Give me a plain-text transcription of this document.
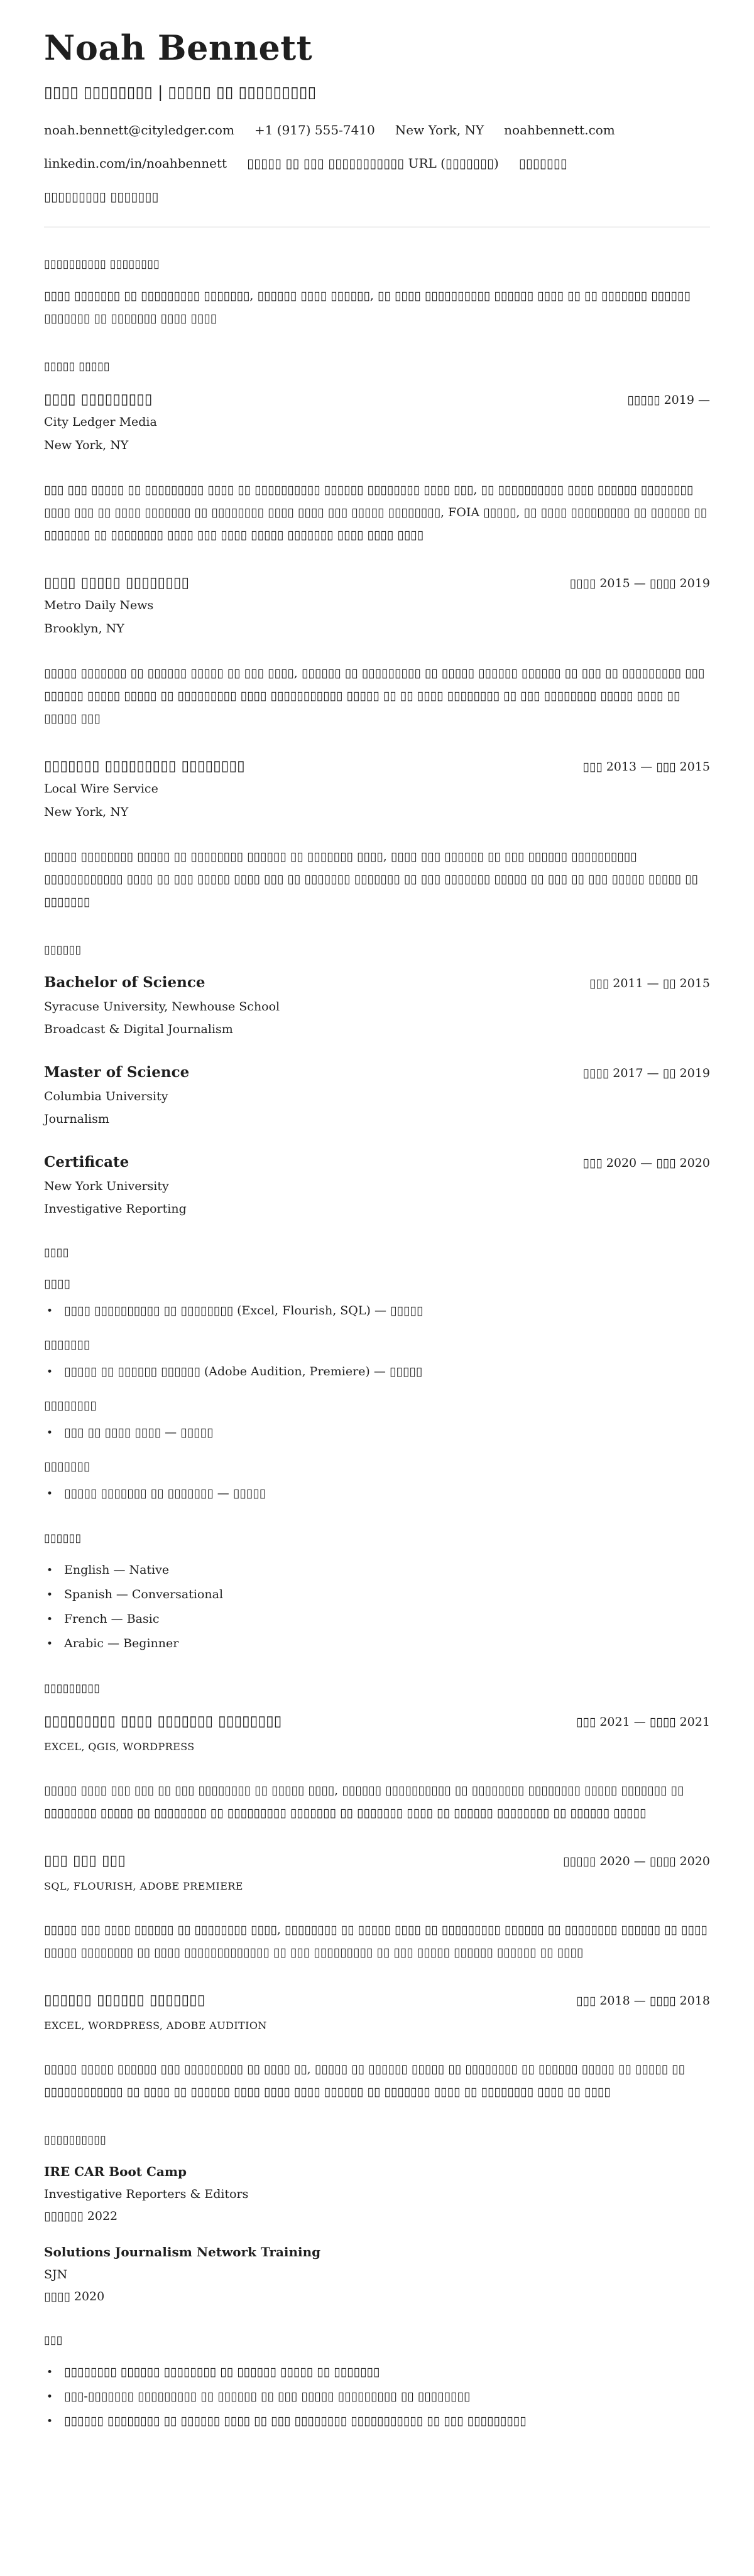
Noah Bennett
▯▯▯▯ ▯▯▯▯▯▯▯▯ | ▯▯▯▯▯ ▯▯ ▯▯▯▯▯▯▯▯▯
noah.bennett@cityledger.com +1 (917) 555-7410 New York, NY noahbennett.com
linkedin.com/in/noahbennett ▯▯▯▯▯ ▯▯ ▯▯▯ ▯▯▯▯▯▯▯▯▯▯▯ URL (▯▯▯▯▯▯▯) ▯▯▯▯▯▯▯
▯▯▯▯▯▯▯▯▯ ▯▯▯▯▯▯▯
▯▯▯▯▯▯▯▯▯▯ ▯▯▯▯▯▯▯▯

▯▯▯▯ ▯▯▯▯▯▯▯ ▯▯ ▯▯▯▯▯▯▯▯▯ ▯▯▯▯▯▯▯, ▯▯▯▯▯▯ ▯▯▯▯ ▯▯▯▯▯▯, ▯▯ ▯▯▯▯ ▯▯▯▯▯▯▯▯▯▯ ▯▯▯▯▯▯ ▯▯▯▯ ▯▯ ▯▯ ▯▯▯▯▯▯▯ ▯▯▯▯▯▯ ▯▯▯▯▯▯▯ ▯▯ ▯▯▯▯▯▯▯ ▯▯▯▯ ▯▯▯▯

▯▯▯▯▯ ▯▯▯▯▯
▯▯▯▯ ▯▯▯▯▯▯▯▯▯	▯▯▯▯▯ 2019 —
City Ledger Media
New York, NY

▯▯▯ ▯▯▯ ▯▯▯▯▯ ▯▯ ▯▯▯▯▯▯▯▯▯ ▯▯▯▯ ▯▯ ▯▯▯▯▯▯▯▯▯▯ ▯▯▯▯▯▯ ▯▯▯▯▯▯▯▯ ▯▯▯▯ ▯▯▯, ▯▯ ▯▯▯▯▯▯▯▯▯▯ ▯▯▯▯ ▯▯▯▯▯▯ ▯▯▯▯▯▯▯▯ ▯▯▯▯ ▯▯▯ ▯▯ ▯▯▯▯ ▯▯▯▯▯▯▯ ▯▯ ▯▯▯▯▯▯▯▯ ▯▯▯▯ ▯▯▯▯ ▯▯▯ ▯▯▯▯▯ ▯▯▯▯▯▯▯▯, FOIA ▯▯▯▯▯, ▯▯ ▯▯▯▯ ▯▯▯▯▯▯▯▯▯ ▯▯ ▯▯▯▯▯▯ ▯▯ ▯▯▯▯▯▯▯ ▯▯ ▯▯▯▯▯▯▯▯ ▯▯▯▯ ▯▯▯ ▯▯▯▯ ▯▯▯▯▯ ▯▯▯▯▯▯▯ ▯▯▯▯ ▯▯▯▯ ▯▯▯▯

▯▯▯▯ ▯▯▯▯▯ ▯▯▯▯▯▯▯▯	▯▯▯▯ 2015 — ▯▯▯▯ 2019
Metro Daily News
Brooklyn, NY

▯▯▯▯▯ ▯▯▯▯▯▯▯ ▯▯ ▯▯▯▯▯▯ ▯▯▯▯▯ ▯▯ ▯▯▯ ▯▯▯▯, ▯▯▯▯▯▯ ▯▯ ▯▯▯▯▯▯▯▯▯ ▯▯ ▯▯▯▯▯ ▯▯▯▯▯▯ ▯▯▯▯▯▯ ▯▯ ▯▯▯ ▯▯ ▯▯▯▯▯▯▯▯▯ ▯▯▯ ▯▯▯▯▯▯ ▯▯▯▯▯ ▯▯▯▯▯ ▯▯ ▯▯▯▯▯▯▯▯▯ ▯▯▯▯ ▯▯▯▯▯▯▯▯▯▯▯ ▯▯▯▯▯ ▯▯ ▯▯ ▯▯▯▯ ▯▯▯▯▯▯▯▯ ▯▯ ▯▯▯ ▯▯▯▯▯▯▯▯ ▯▯▯▯▯ ▯▯▯▯ ▯▯ ▯▯▯▯▯ ▯▯▯

▯▯▯▯▯▯▯ ▯▯▯▯▯▯▯▯▯ ▯▯▯▯▯▯▯▯	▯▯▯ 2013 — ▯▯▯ 2015
Local Wire Service
New York, NY

▯▯▯▯▯ ▯▯▯▯▯▯▯▯ ▯▯▯▯▯ ▯▯ ▯▯▯▯▯▯▯▯ ▯▯▯▯▯▯ ▯▯ ▯▯▯▯▯▯▯ ▯▯▯▯, ▯▯▯▯ ▯▯▯ ▯▯▯▯▯▯ ▯▯ ▯▯▯ ▯▯▯▯▯▯ ▯▯▯▯▯▯▯▯▯▯ ▯▯▯▯▯▯▯▯▯▯▯▯ ▯▯▯▯ ▯▯ ▯▯▯ ▯▯▯▯▯ ▯▯▯▯ ▯▯▯ ▯▯ ▯▯▯▯▯▯▯ ▯▯▯▯▯▯▯ ▯▯ ▯▯▯ ▯▯▯▯▯▯▯ ▯▯▯▯▯ ▯▯ ▯▯▯ ▯▯ ▯▯▯ ▯▯▯▯▯ ▯▯▯▯▯ ▯▯ ▯▯▯▯▯▯▯

▯▯▯▯▯▯
Bachelor of Science	▯▯▯ 2011 — ▯▯ 2015
Syracuse University, Newhouse School
Broadcast & Digital Journalism
Master of Science	▯▯▯▯ 2017 — ▯▯ 2019
Columbia University
Journalism
Certificate	▯▯▯ 2020 — ▯▯▯ 2020
New York University
Investigative Reporting
▯▯▯▯
▯▯▯▯
• ▯▯▯▯ ▯▯▯▯▯▯▯▯▯▯ ▯▯ ▯▯▯▯▯▯▯▯ (Excel, Flourish, SQL) — ▯▯▯▯▯
▯▯▯▯▯▯▯
• ▯▯▯▯▯ ▯▯ ▯▯▯▯▯▯ ▯▯▯▯▯▯ (Adobe Audition, Premiere) — ▯▯▯▯▯
▯▯▯▯▯▯▯▯
• ▯▯▯ ▯▯ ▯▯▯▯ ▯▯▯▯ — ▯▯▯▯▯
▯▯▯▯▯▯▯
• ▯▯▯▯▯ ▯▯▯▯▯▯▯ ▯▯ ▯▯▯▯▯▯▯ — ▯▯▯▯▯
▯▯▯▯▯▯
• English — Native
• Spanish — Conversational
• French — Basic
• Arabic — Beginner
▯▯▯▯▯▯▯▯▯
▯▯▯▯▯▯▯▯▯ ▯▯▯▯ ▯▯▯▯▯▯▯ ▯▯▯▯▯▯▯▯	▯▯▯ 2021 — ▯▯▯▯ 2021
EXCEL, QGIS, WORDPRESS

▯▯▯▯▯ ▯▯▯▯ ▯▯▯ ▯▯▯ ▯▯ ▯▯▯ ▯▯▯▯▯▯▯▯ ▯▯ ▯▯▯▯▯ ▯▯▯▯, ▯▯▯▯▯▯ ▯▯▯▯▯▯▯▯▯▯ ▯▯ ▯▯▯▯▯▯▯▯ ▯▯▯▯▯▯▯▯ ▯▯▯▯▯ ▯▯▯▯▯▯▯ ▯▯ ▯▯▯▯▯▯▯▯ ▯▯▯▯▯ ▯▯ ▯▯▯▯▯▯▯▯ ▯▯ ▯▯▯▯▯▯▯▯▯ ▯▯▯▯▯▯▯ ▯▯ ▯▯▯▯▯▯▯ ▯▯▯▯ ▯▯ ▯▯▯▯▯▯ ▯▯▯▯▯▯▯▯ ▯▯ ▯▯▯▯▯▯ ▯▯▯▯▯

▯▯▯ ▯▯▯ ▯▯▯	▯▯▯▯▯ 2020 — ▯▯▯▯ 2020
SQL, FLOURISH, ADOBE PREMIERE

▯▯▯▯▯ ▯▯▯ ▯▯▯▯ ▯▯▯▯▯▯ ▯▯ ▯▯▯▯▯▯▯▯ ▯▯▯▯, ▯▯▯▯▯▯▯▯ ▯▯ ▯▯▯▯▯ ▯▯▯▯ ▯▯ ▯▯▯▯▯▯▯▯▯ ▯▯▯▯▯▯ ▯▯ ▯▯▯▯▯▯▯▯ ▯▯▯▯▯▯ ▯▯ ▯▯▯▯ ▯▯▯▯▯ ▯▯▯▯▯▯▯▯ ▯▯ ▯▯▯▯ ▯▯▯▯▯▯▯▯▯▯▯▯▯ ▯▯ ▯▯▯ ▯▯▯▯▯▯▯▯▯ ▯▯ ▯▯▯ ▯▯▯▯▯ ▯▯▯▯▯▯ ▯▯▯▯▯▯ ▯▯ ▯▯▯▯

▯▯▯▯▯▯ ▯▯▯▯▯▯ ▯▯▯▯▯▯▯	▯▯▯ 2018 — ▯▯▯▯ 2018
EXCEL, WORDPRESS, ADOBE AUDITION

▯▯▯▯▯ ▯▯▯▯▯ ▯▯▯▯▯▯ ▯▯▯ ▯▯▯▯▯▯▯▯▯ ▯▯ ▯▯▯▯ ▯▯, ▯▯▯▯▯ ▯▯ ▯▯▯▯▯▯ ▯▯▯▯▯ ▯▯ ▯▯▯▯▯▯▯▯ ▯▯ ▯▯▯▯▯▯ ▯▯▯▯▯ ▯▯ ▯▯▯▯▯ ▯▯ ▯▯▯▯▯▯▯▯▯▯▯▯ ▯▯ ▯▯▯▯ ▯▯ ▯▯▯▯▯▯ ▯▯▯▯ ▯▯▯▯ ▯▯▯▯ ▯▯▯▯▯▯ ▯▯ ▯▯▯▯▯▯▯ ▯▯▯▯ ▯▯ ▯▯▯▯▯▯▯▯ ▯▯▯▯ ▯▯ ▯▯▯▯

▯▯▯▯▯▯▯▯▯▯
IRE CAR Boot Camp
Investigative Reporters & Editors
▯▯▯▯▯▯ 2022
Solutions Journalism Network Training
SJN
▯▯▯▯ 2020
▯▯▯
• ▯▯▯▯▯▯▯▯ ▯▯▯▯▯▯ ▯▯▯▯▯▯▯▯ ▯▯ ▯▯▯▯▯▯ ▯▯▯▯▯ ▯▯ ▯▯▯▯▯▯▯
• ▯▯▯-▯▯▯▯▯▯▯ ▯▯▯▯▯▯▯▯▯ ▯▯ ▯▯▯▯▯▯ ▯▯ ▯▯▯ ▯▯▯▯▯ ▯▯▯▯▯▯▯▯▯ ▯▯ ▯▯▯▯▯▯▯▯
• ▯▯▯▯▯▯ ▯▯▯▯▯▯▯▯ ▯▯ ▯▯▯▯▯▯ ▯▯▯▯ ▯▯ ▯▯▯ ▯▯▯▯▯▯▯▯ ▯▯▯▯▯▯▯▯▯▯▯ ▯▯ ▯▯▯ ▯▯▯▯▯▯▯▯▯
